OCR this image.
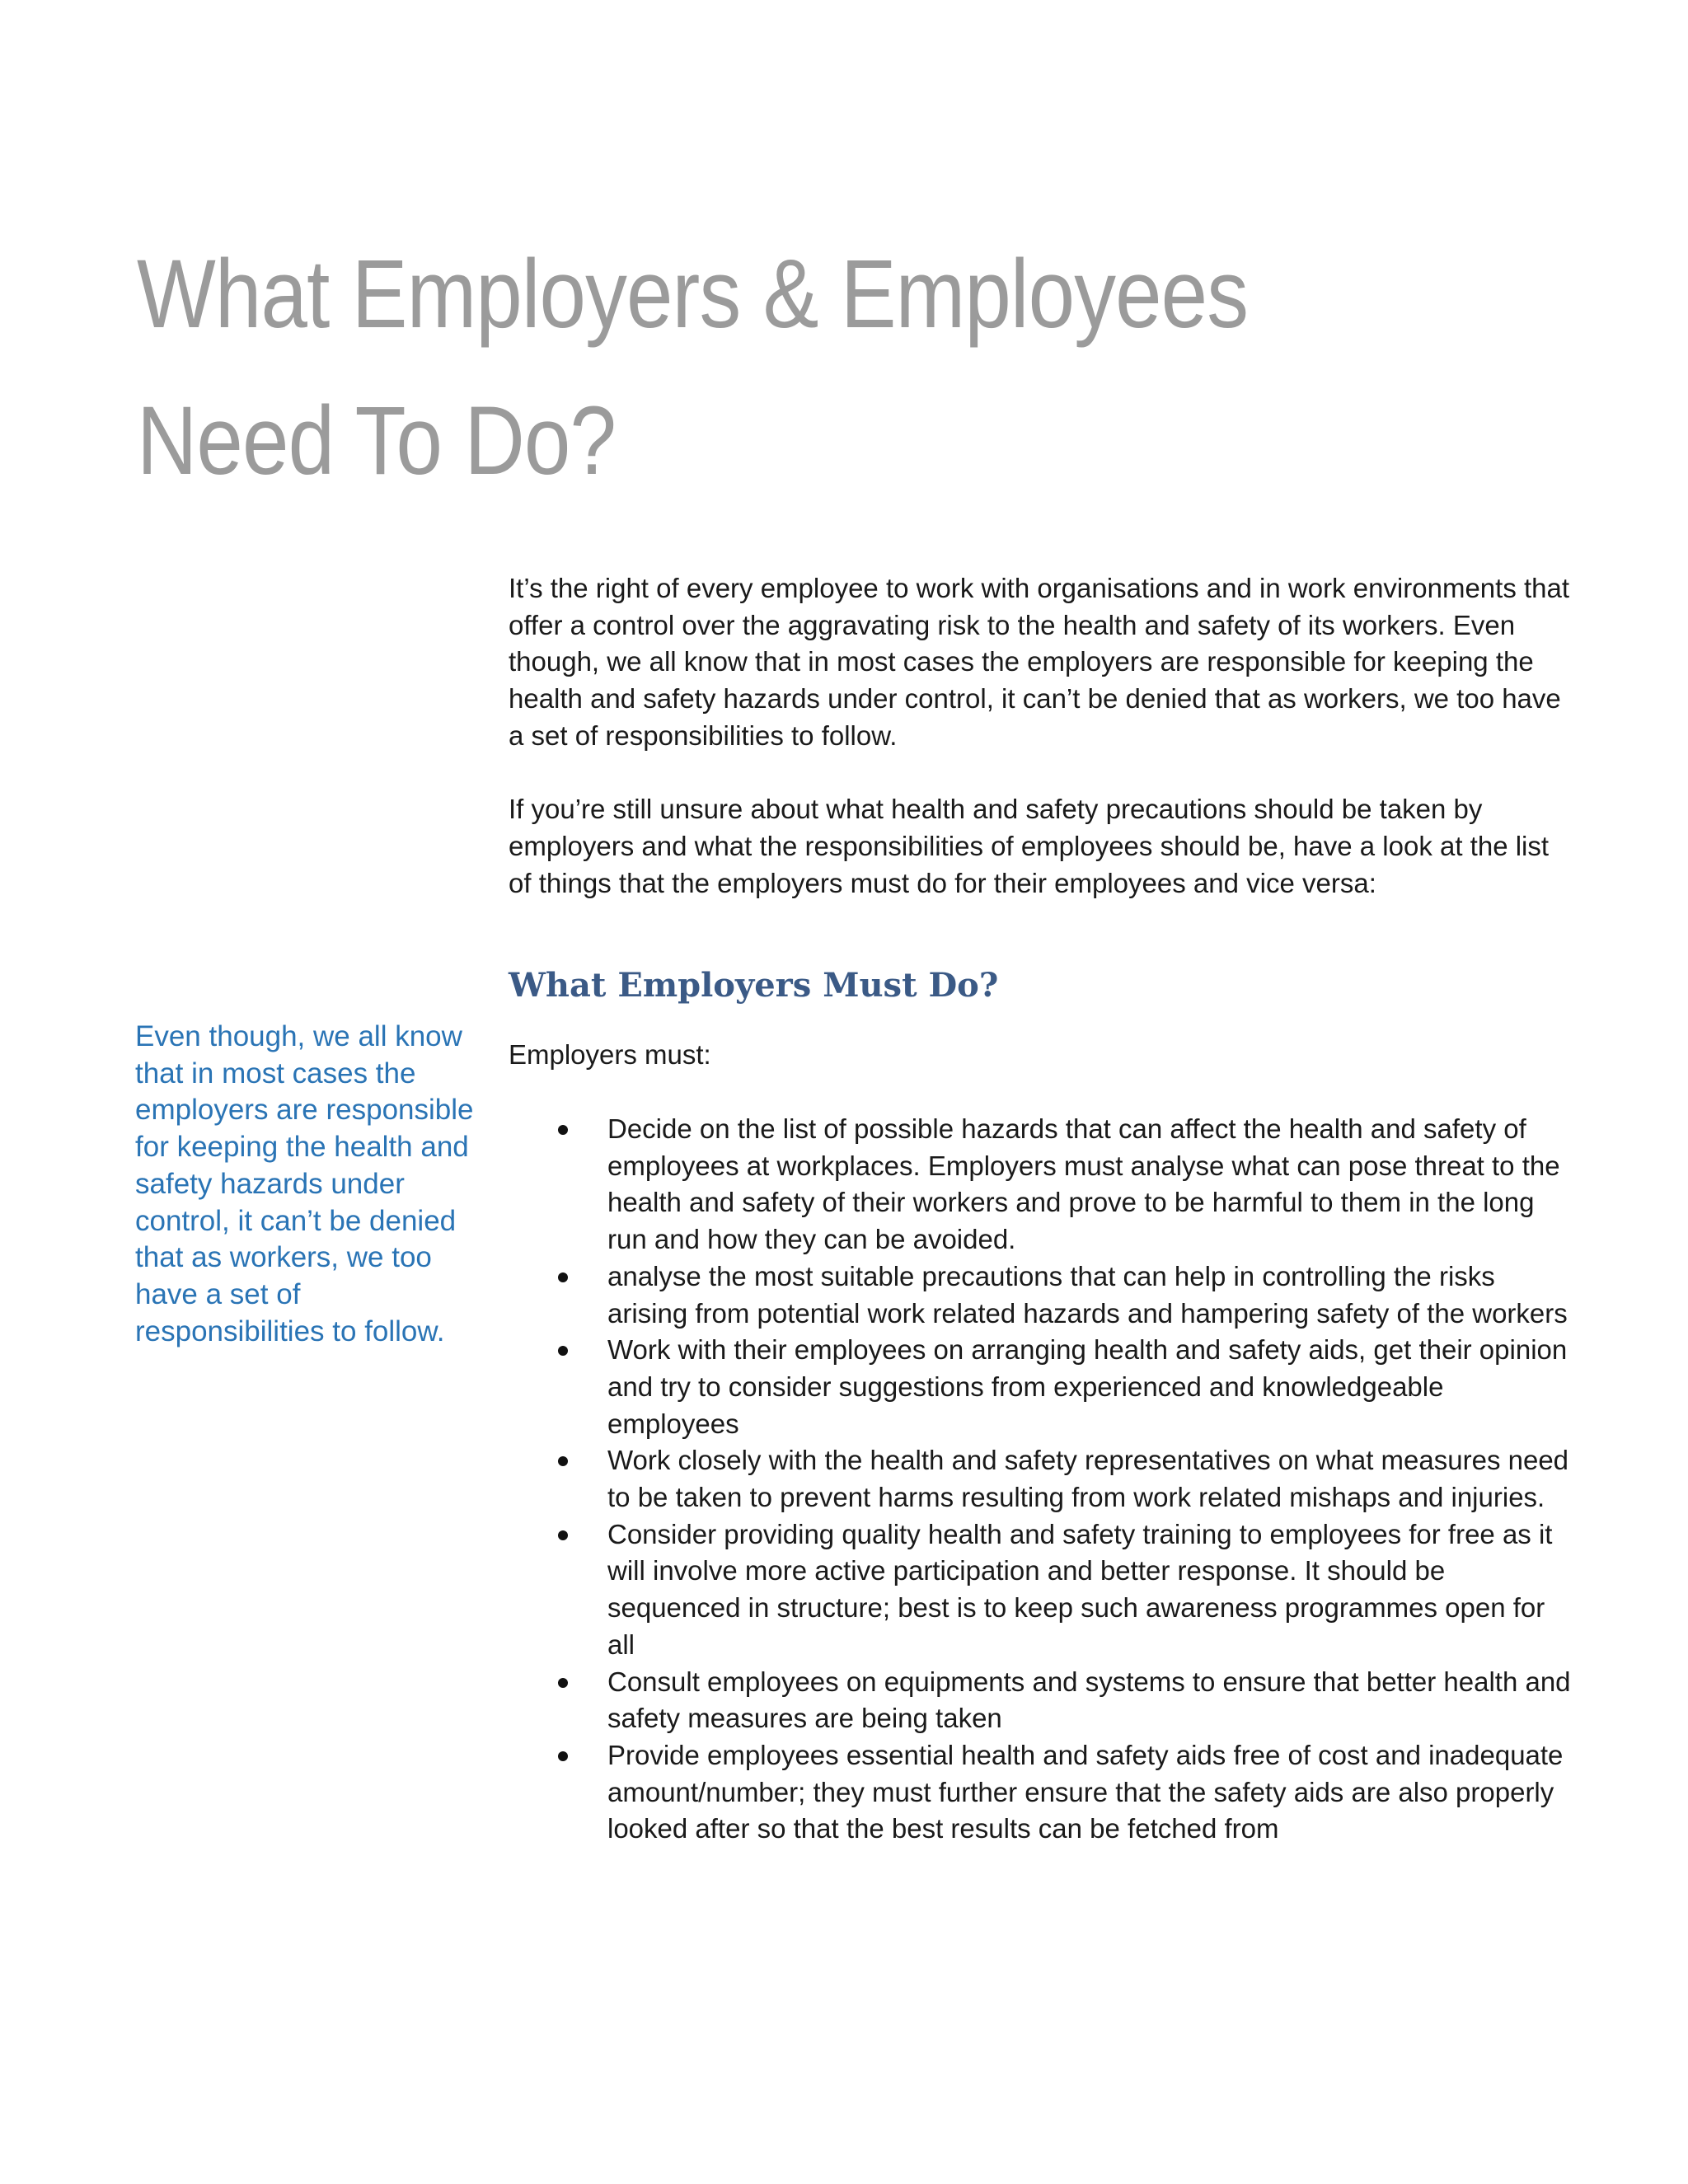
What Employers & Employees Need To Do?

Even though, we all know that in most cases the employers are responsible for keeping the health and safety hazards under control, it can’t be denied that as workers, we too have a set of responsibilities to follow.

It’s the right of every employee to work with organisations and in work environments that offer a control over the aggravating risk to the health and safety of its workers. Even though, we all know that in most cases the employers are responsible for keeping the health and safety hazards under control, it can’t be denied that as workers, we too have a set of responsibilities to follow.

If you’re still unsure about what health and safety precautions should be taken by employers and what the responsibilities of employees should be, have a look at the list of things that the employers must do for their employees and vice versa:

What Employers Must Do?

Employers must:

Decide on the list of possible hazards that can affect the health and safety of employees at workplaces. Employers must analyse what can pose threat to the health and safety of their workers and prove to be harmful to them in the long run and how they can be avoided.
analyse the most suitable precautions that can help in controlling the risks arising from potential work related hazards and hampering safety of the workers
Work with their employees on arranging health and safety aids, get their opinion and try to consider suggestions from experienced and knowledgeable employees
Work closely with the health and safety representatives on what measures need to be taken to prevent harms resulting from work related mishaps and injuries.
Consider providing quality health and safety training to employees for free as it will involve more active participation and better response. It should be sequenced in structure; best is to keep such awareness programmes open for all
Consult employees on equipments and systems to ensure that better health and safety measures are being taken
Provide employees essential health and safety aids free of cost and inadequate amount/number; they must further ensure that the safety aids are also properly looked after so that the best results can be fetched from
